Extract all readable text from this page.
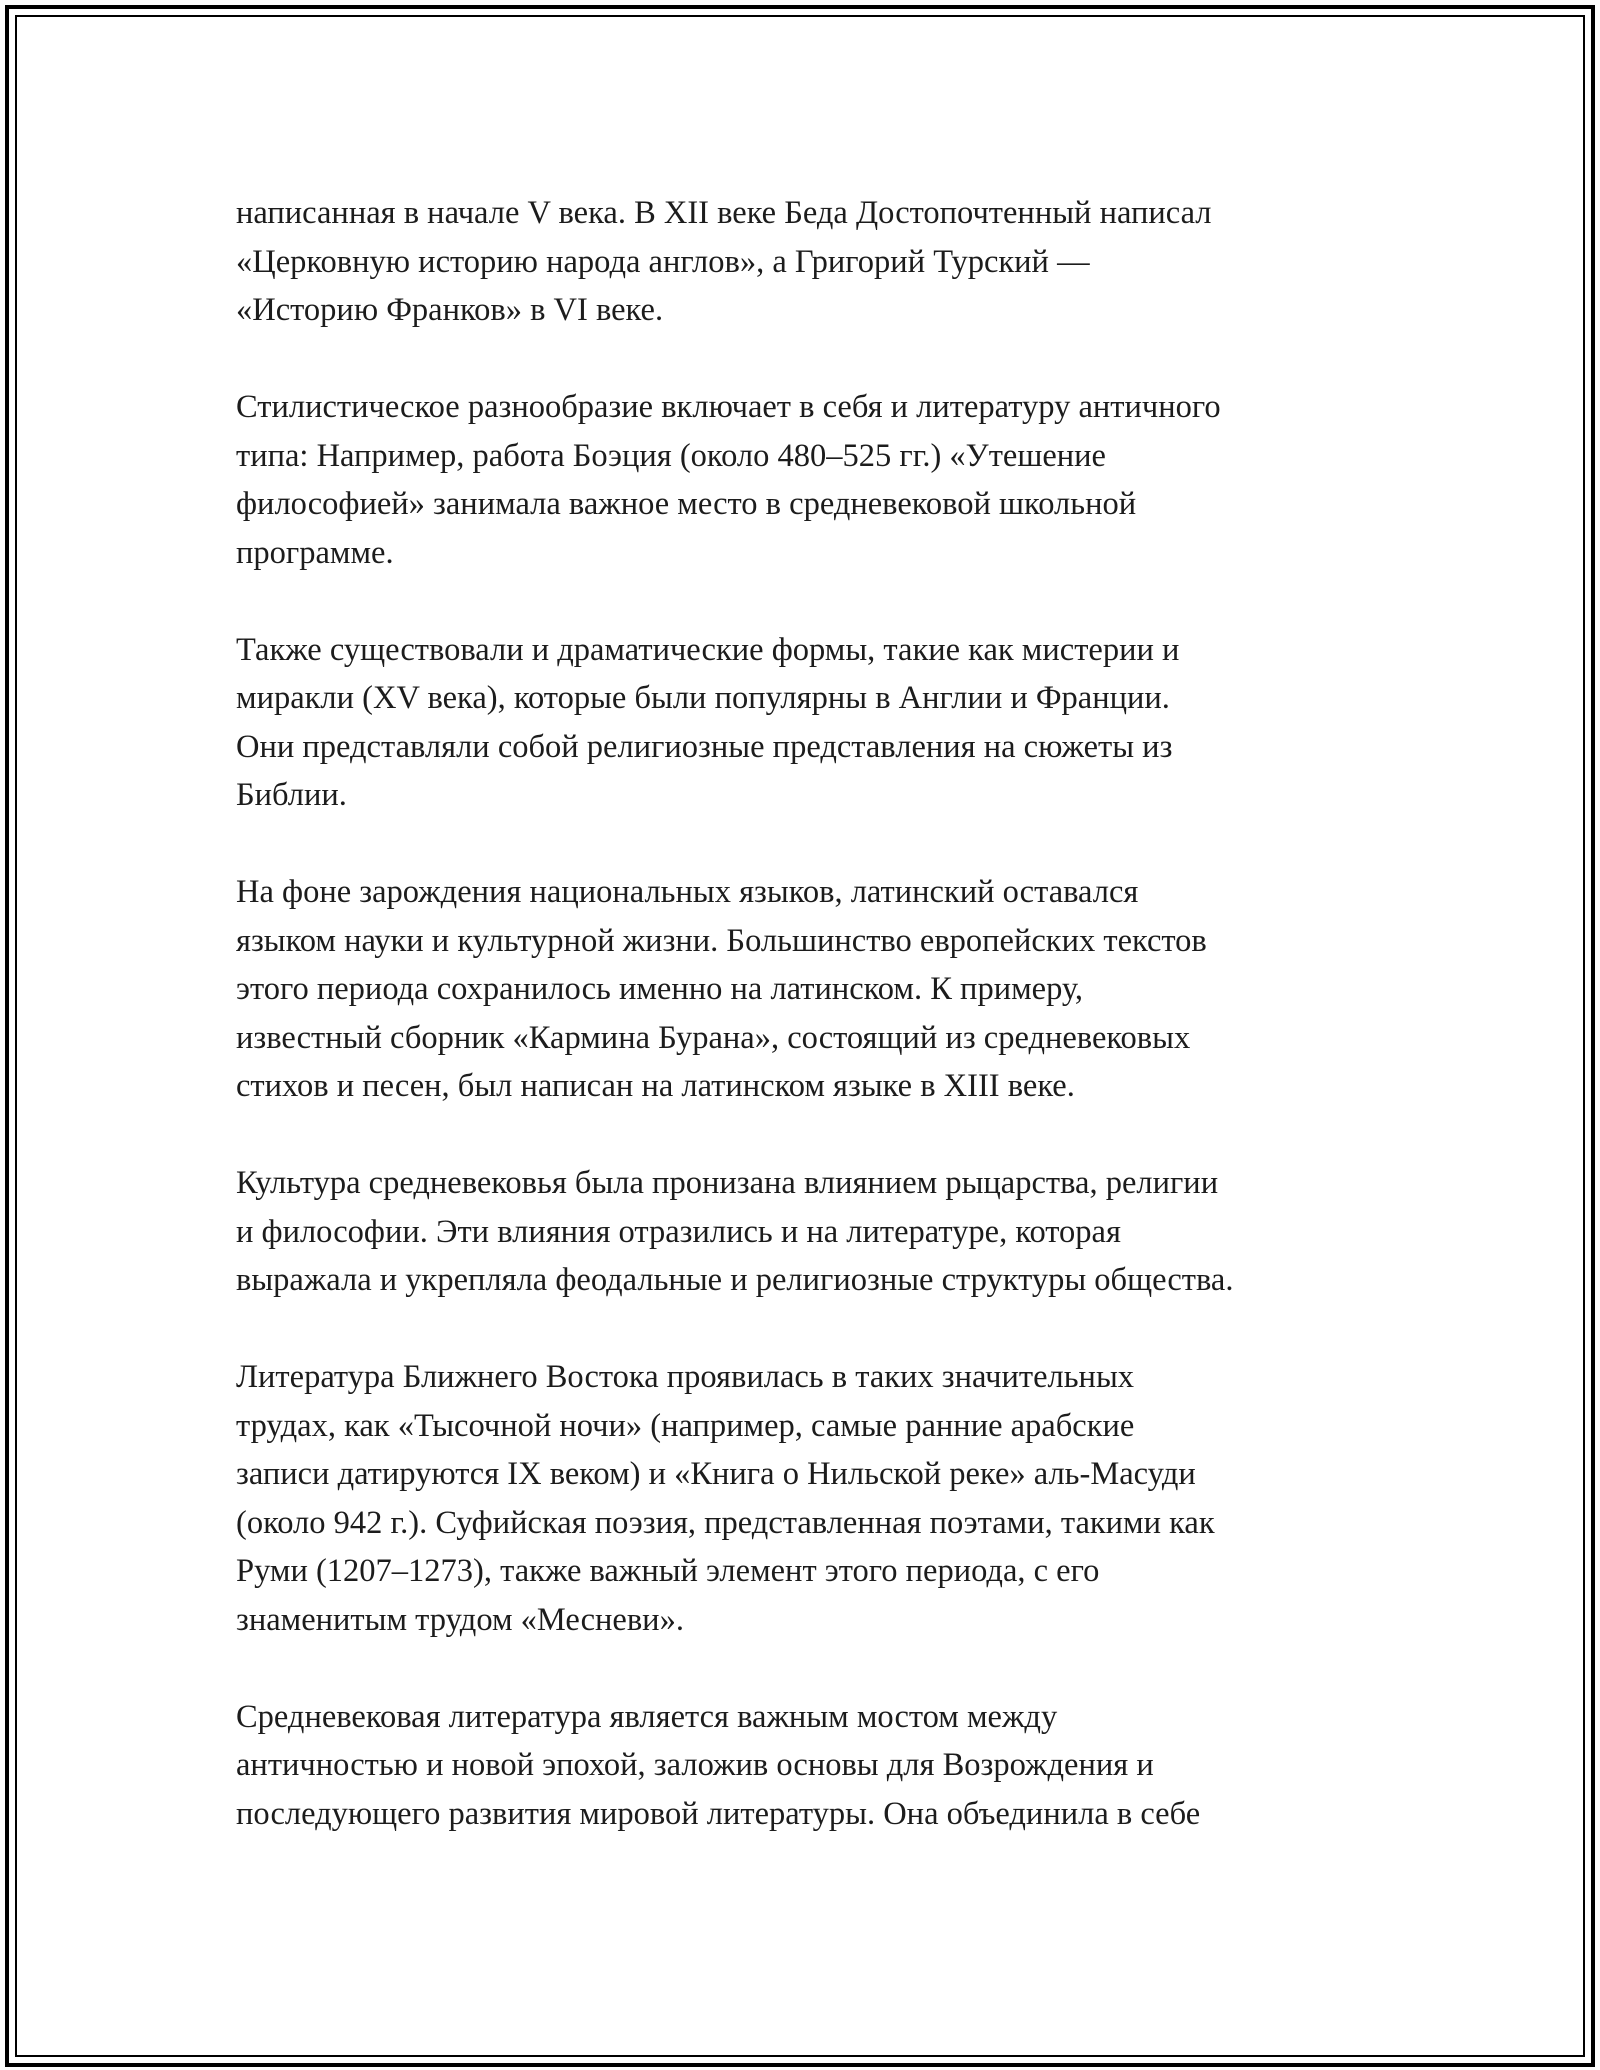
написанная в начале V века. В XII веке Беда Достопочтенный написал
«Церковную историю народа англов», а Григорий Турский —
«Историю Франков» в VI веке.
Стилистическое разнообразие включает в себя и литературу античного
типа: Например, работа Боэция (около 480–525 гг.) «Утешение
философией» занимала важное место в средневековой школьной
программе.
Также существовали и драматические формы, такие как мистерии и
миракли (XV века), которые были популярны в Англии и Франции.
Они представляли собой религиозные представления на сюжеты из
Библии.
На фоне зарождения национальных языков, латинский оставался
языком науки и культурной жизни. Большинство европейских текстов
этого периода сохранилось именно на латинском. К примеру,
известный сборник «Кармина Бурана», состоящий из средневековых
стихов и песен, был написан на латинском языке в XIII веке.
Культура средневековья была пронизана влиянием рыцарства, религии
и философии. Эти влияния отразились и на литературе, которая
выражала и укрепляла феодальные и религиозные структуры общества.
Литература Ближнего Востока проявилась в таких значительных
трудах, как «Тысочной ночи» (например, самые ранние арабские
записи датируются IX веком) и «Книга о Нильской реке» аль-Масуди
(около 942 г.). Суфийская поэзия, представленная поэтами, такими как
Руми (1207–1273), также важный элемент этого периода, с его
знаменитым трудом «Месневи».
Средневековая литература является важным мостом между
античностью и новой эпохой, заложив основы для Возрождения и
последующего развития мировой литературы. Она объединила в себе
